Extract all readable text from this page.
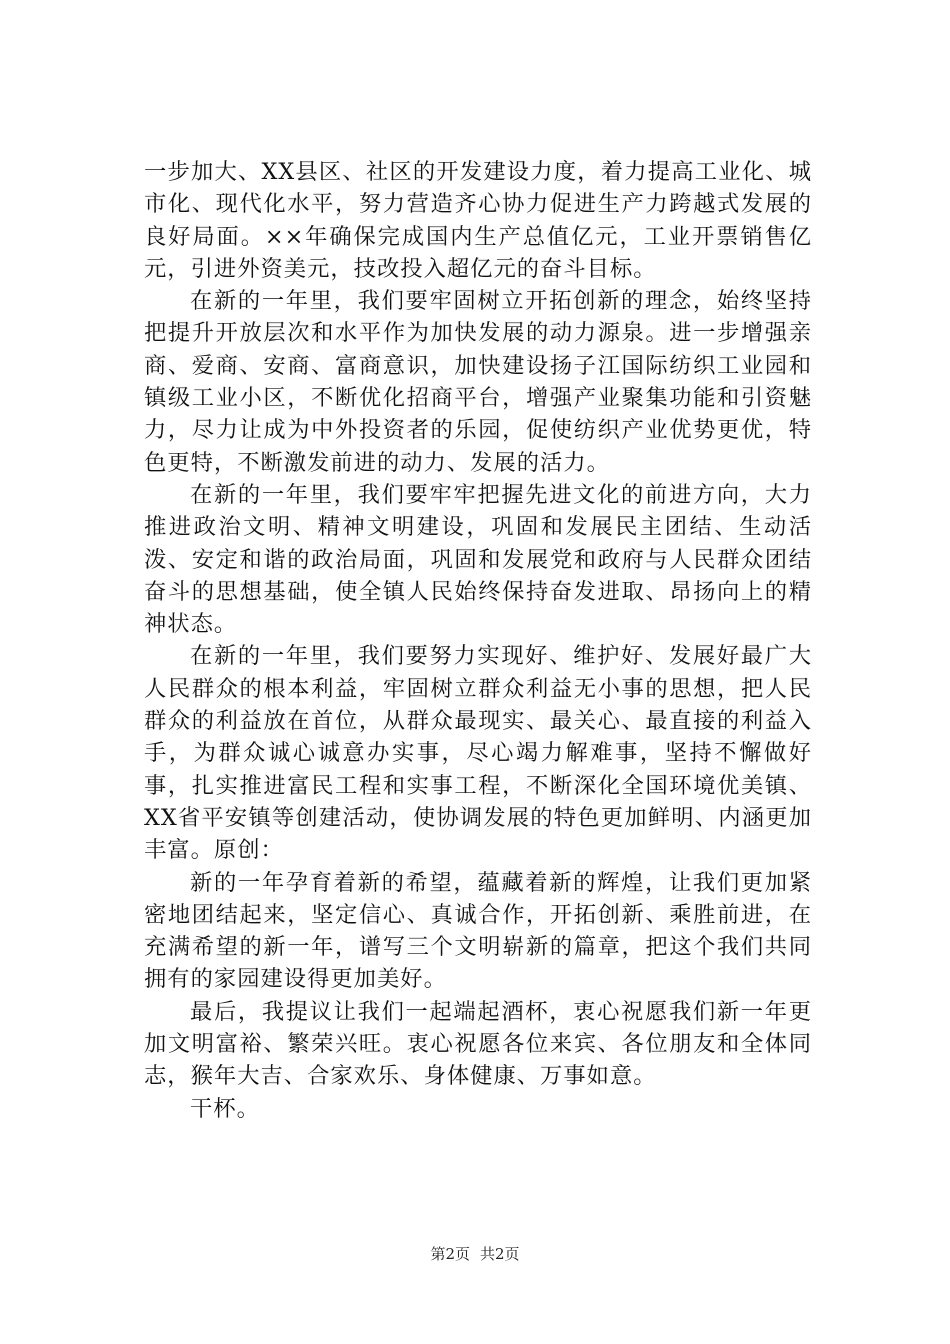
一步加大、XX县区、社区的开发建设力度，着力提高工业化、城市化、现代化水平，努力营造齐心协力促进生产力跨越式发展的良好局面。××年确保完成国内生产总值亿元，工业开票销售亿元，引进外资美元，技改投入超亿元的奋斗目标。

在新的一年里，我们要牢固树立开拓创新的理念，始终坚持把提升开放层次和水平作为加快发展的动力源泉。进一步增强亲商、爱商、安商、富商意识，加快建设扬子江国际纺织工业园和镇级工业小区，不断优化招商平台，增强产业聚集功能和引资魅力，尽力让成为中外投资者的乐园，促使纺织产业优势更优，特色更特，不断激发前进的动力、发展的活力。

在新的一年里，我们要牢牢把握先进文化的前进方向，大力推进政治文明、精神文明建设，巩固和发展民主团结、生动活泼、安定和谐的政治局面，巩固和发展党和政府与人民群众团结奋斗的思想基础，使全镇人民始终保持奋发进取、昂扬向上的精神状态。

在新的一年里，我们要努力实现好、维护好、发展好最广大人民群众的根本利益，牢固树立群众利益无小事的思想，把人民群众的利益放在首位，从群众最现实、最关心、最直接的利益入手，为群众诚心诚意办实事，尽心竭力解难事，坚持不懈做好事，扎实推进富民工程和实事工程，不断深化全国环境优美镇、XX省平安镇等创建活动，使协调发展的特色更加鲜明、内涵更加丰富。原创：

新的一年孕育着新的希望，蕴藏着新的辉煌，让我们更加紧密地团结起来，坚定信心、真诚合作，开拓创新、乘胜前进，在充满希望的新一年，谱写三个文明崭新的篇章，把这个我们共同拥有的家园建设得更加美好。

最后，我提议让我们一起端起酒杯，衷心祝愿我们新一年更加文明富裕、繁荣兴旺。衷心祝愿各位来宾、各位朋友和全体同志，猴年大吉、合家欢乐、身体健康、万事如意。

干杯。

第2页 共2页
